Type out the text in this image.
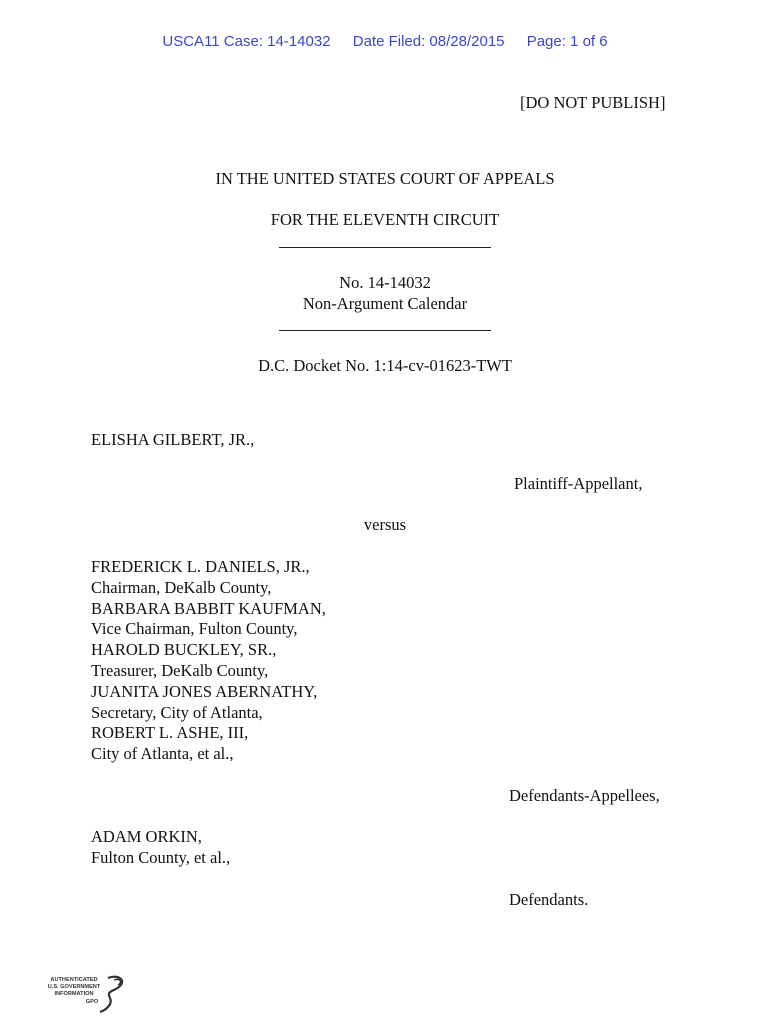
USCA11 Case: 14-14032 Date Filed: 08/28/2015 Page: 1 of 6
[DO NOT PUBLISH]
IN THE UNITED STATES COURT OF APPEALS
FOR THE ELEVENTH CIRCUIT
No. 14-14032
Non-Argument Calendar
D.C. Docket No. 1:14-cv-01623-TWT
ELISHA GILBERT, JR.,
Plaintiff-Appellant,
versus
FREDERICK L. DANIELS, JR.,
Chairman, DeKalb County,
BARBARA BABBIT KAUFMAN,
Vice Chairman, Fulton County,
HAROLD BUCKLEY, SR.,
Treasurer, DeKalb County,
JUANITA JONES ABERNATHY,
Secretary, City of Atlanta,
ROBERT L. ASHE, III,
City of Atlanta, et al.,
Defendants-Appellees,
ADAM ORKIN,
Fulton County, et al.,
Defendants.
AUTHENTICATED
U.S. GOVERNMENT
INFORMATION
GPO
